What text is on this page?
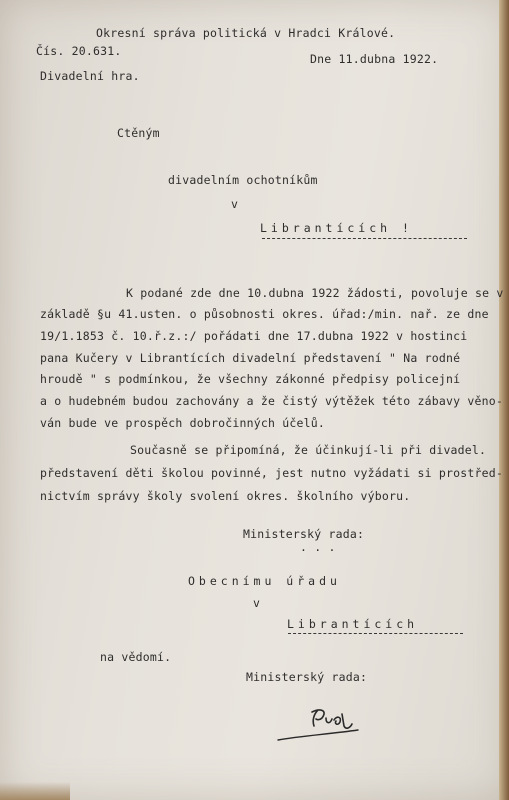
Okresní správa politická v Hradci Králové.
Čís. 20.631.
Dne 11.dubna 1922.
Divadelní hra.
Ctěným
divadelním ochotníkům
v
Librantících !
K podané zde dne 10.dubna 1922 žádosti, povoluje se v
základě §u 41.usten. o působnosti okres. úřad:/min. nař. ze dne
19/1.1853 č. 10.ř.z.:/ pořádati dne 17.dubna 1922 v hostinci
pana Kučery v Librantících divadelní představení " Na rodné
hroudě " s podmínkou, že všechny zákonné předpisy policejní
a o hudebném budou zachovány a že čistý výtěžek této zábavy věno-
ván bude ve prospěch dobročinných účelů.
Současně se připomíná, že účinkují-li při divadel.
představení děti školou povinné, jest nutno vyžádati si prostřed-
nictvím správy školy svolení okres. školního výboru.
Ministerský rada:
. . .
Obecnímu úřadu
v
Librantících
na vědomí.
Ministerský rada:
